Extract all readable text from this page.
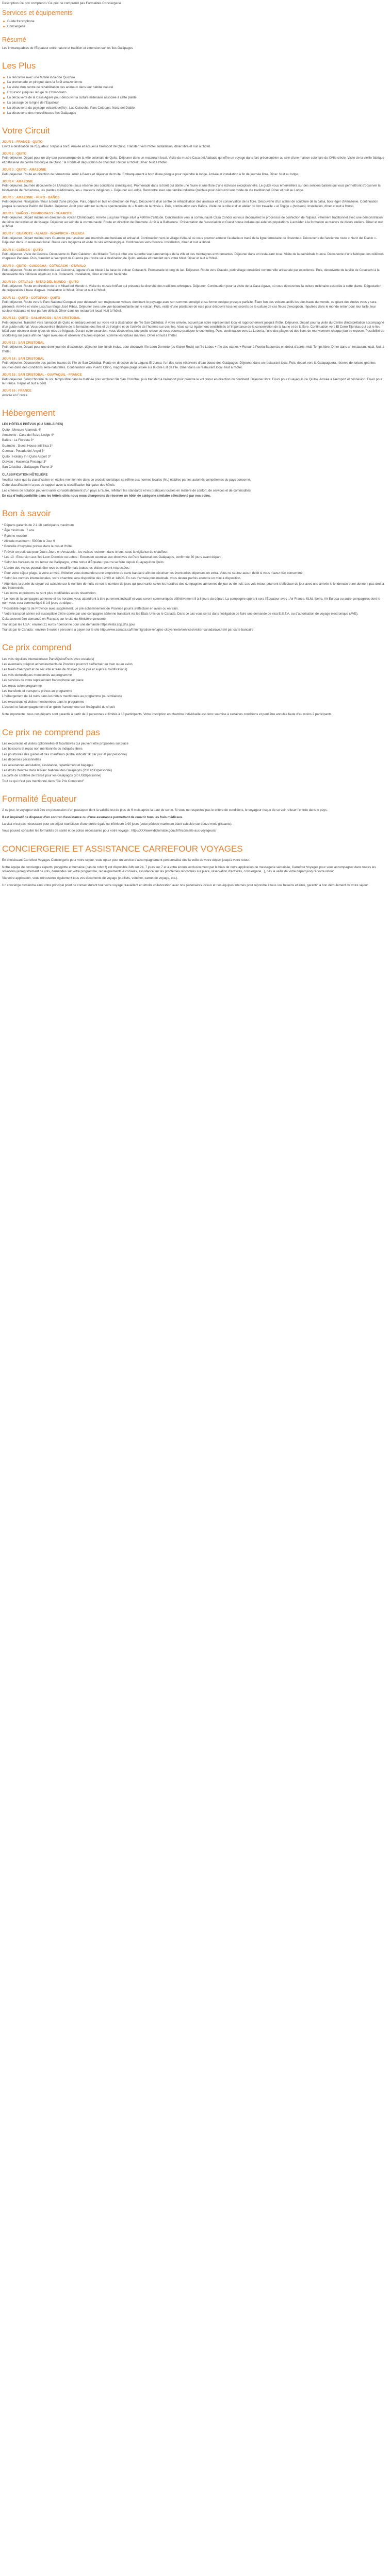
Description Ce prix comprend / Ce prix ne comprend pas Formalités Conciergerie
Services et équipements
Guide francophone
Conciergerie
Résumé

Les immanquables de l'Équateur entre nature et tradition et extension sur les îles Galápagos

Les Plus
La rencontre avec une famille indienne Quichua
La promenade en pirogue dans la forêt amazonienne
La visite d'un centre de réhabilitation des animaux dans leur habitat naturel
Excursion jusqu'au refuge du Chimborazo
La découverte de la Casa Agave pour découvrir la culture millénaire associée à cette plante
La passage de la ligne de l'Équateur
La découverte du paysage volcanique(île) : Lac Cuicocha, Parc Cotopaxi, Nariz del Diablo
La découverte des merveilleuses îles Galápagos
Votre Circuit

JOUR 1 : FRANCE - QUITO

Envol à destination de l'Équateur. Repas à bord. Arrivée et accueil à l'aéroport de Quito. Transfert vers l'hôtel. Installation, dîner libre et nuit à l'hôtel.

JOUR 2 : QUITO

Petit-déjeuner. Départ pour un city-tour panoramique de la ville coloniale de Quito. Déjeuner dans un restaurant local. Visite du musée Casa del Alabado qui offre un voyage dans l'art précolombien au sein d'une maison coloniale du XVIIe siècle. Visite de la vieille fabrique et pâtisserie du centre historique de Quito : la Ronda et dégustation de chocolat. Retour à l'hôtel. Dîner. Nuit à l'hôtel.

JOUR 3 : QUITO - AMAZONIE

Petit-déjeuner. Route en direction de l'Amazonie. Arrêt à Baeza et déjeuner de truite. Embarquement à bord d'une pirogue pour rejoindre le lodge. Arrivée et installation à fin de journée libre. Dîner. Nuit au lodge.

JOUR 4 : AMAZONIE

Petit-déjeuner. Journée découverte de l'Amazonie (sous réserve des conditions climatiques). Promenade dans la forêt qui abrite une faune et une flore d'une richesse exceptionnelle. Le guide vous émerveillera sur des sentiers balisés qui vous permettront d'observer la biodiversité de l'Amazonie, les plantes médicinales, les « maisons indigènes ». Déjeuner au Lodge. Rencontre avec une famille indienne Quichua pour découvrir leur mode de vie traditionnel. Dîner et nuit au Lodge.

JOUR 5 : AMAZONIE - PUYO - BAÑOS

Petit-déjeuner. Navigation retour à bord d'une pirogue. Puis, départ en bus en direction de Puyo. Découverte d'un centre de réhabilitation des animaux et de conservation de la flore. Découverte d'un atelier de sculpture de la balsa, bois léger d'Amazonie. Continuation jusqu'à la cascade Pailón del Diablo. Déjeuner. Arrêt pour admirer la chute spectaculaire du « Manto de la Novia ». Puis, continuation vers Baños. Visite de la ville et d'un atelier où l'on travaille « el Toglge » (boisson). Installation, dîner et nuit à l'hôtel.

JOUR 6 : BAÑOS - CHIMBORAZO - GUAMOTE

Petit-déjeuner. Départ matinal en direction du volcan Chimborazo. Arrivée jusqu'au refuge situé à 4800m d'altitude. Continuation vers la communauté Casa Condor où vous découvrirez le processus de confection de l'alpaca, vêtement traditionnel avec une démonstration de teinte de textiles et de tissage. Déjeuner au sein de la communauté. Route en direction de Guamote. Arrêt à la Balbanera : Présentation de l'association et Guest house indiana qui aide les populations à accéder à la formation au travers de divers ateliers. Dîner et nuit à l'hôtel.

JOUR 7 : GUAMOTE - ALAUSI - INGAPIRCA - CUENCA

Petit-déjeuner. Départ matinal vers Guamote pour assister aux marchés aux bestiaux et artisanal. Continuation vers le village d'Alausí où vous pourrez admirer l'audacieux tracé de la ligne ferroviaire de l'inventeur. Découverte de l'ancienne route « Nariz del Diablo ». Déjeuner dans un restaurant local. Route vers Ingapirca et visite du site archéologique. Continuation vers Cuenca. Installation, dîner et nuit à l'hôtel.

JOUR 8 : CUENCA - QUITO

Petit-déjeuner. Visite de Cuenca. Découverte du Parc Calderon, du Mirador Turi qui offre une superbe vue panoramique de la ville et des montagnes environnantes. Déjeuner dans un restaurant local. Visite de la cathédrale Nueva. Découverte d'une fabrique des célèbres chapeaux Panama. Puis, transfert à l'aéroport de Cuenca pour votre vol à destination de Quito. Arrivée et transfert vers votre hôtel. Dîner et nuit à l'hôtel.

JOUR 9 : QUITO - CUICOCHA - COTACACHI - OTAVALO

Petit-déjeuner. Route en direction du Lac Cuicocha, lagune d'eau bleue à la base du volcan Cotacachi. Promenade le long du lac. Déjeuner. Route vers Otavalo, petit village considéré comme ville artisanale par excellence. Puis, découverte de la ville de Cotacachi à la découverte des délicieux objets en cuir. Cotacachi. Installation, dîner et nuit en hacienda.

JOUR 10 : OTAVALO - MITAD DEL MUNDO - QUITO

Petit-déjeuner. Route en direction de la « Mitad del Mundo ». Visite du musée Intiñan qui présente la diversité des traditions ethniques. Déjeuner. Continuation pour la visite de la Casa Agave, où vous découvrirez la culture millénaire associée à cette plante. Dégustation de préparation à base d'agave. Installation à l'hôtel. Dîner et nuit à l'hôtel.

JOUR 11 : QUITO - COTOPAXI - QUITO

Petit-déjeuner. Route vers le Parc National Cotopaxi pour découvrir son majestueux volcan, dominant le paysage avec son sommet enneigé et sa forme conique presque parfaite. Étant l'un des volcans actifs les plus hauts du monde, ce géant des Andes vous y sera présenté. Arrivée et visite jusqu'au refuge José Ribas. Déjeuner avec une vue époustouflante sur le volcan. Puis, visite d'une plantation de rose pour découvrir tous les secrets de la culture de ces fleurs d'exception, réputées dans le monde entier pour leur taille, leur couleur éclatante et leur parfum délicat. Dîner dans un restaurant local. Nuit à l'hôtel.

JOUR 12 : QUITO - GALAPAGOS / SAN CRISTOBAL

Petit-déjeuner. Transfert vers l'aéroport de Quito et embarquement sur votre vol à destination de l'île San Cristóbal. À votre arrivée, accueil par notre représentant local et rapprochement jusqu'à l'hôtel. Déjeuner. Départ pour la visite du Centre d'interprétation accompagné d'un guide national. Vous découvrirez l'histoire de la formation des îles et de l'origine et de l'arrivée de l'homme sur ces îles. Vous serez également sensibilisés à l'importance de la conservation de la faune et de la flore. Continuation vers El Cerro Tijeretas qui est le lieu idéal pour observer deux types de nids de frégates. Durant cette excursion, vous découvrirez une petite crique où vous pourrez pratiquer le snorkeling. Puis, continuation vers La Lobería, l'une des plages où des lions de mer viennent chaque jour se reposer. Possibilité de snorkeling sur place afin de nager avec eux et observer d'autres espèces, comme les tortues marines. Dîner et nuit à l'hôtel.

JOUR 13 : SAN CRISTOBAL

Petit-déjeuner. Départ pour une demi-journée d'excursion, déjeuner box-lunch inclus, pour découvrir l'île Leon Dormido (ou Kicker Rock) ou l'île Lobos + l'île des otaries + Retour à Puerto Baquerizo en début d'après-midi. Temps libre. Dîner dans un restaurant local. Nuit à l'hôtel.

JOUR 14 : SAN CRISTOBAL

Petit-déjeuner. Découverte des parties hautes de l'île de San Cristóbal. Route en direction de la Laguna El Junco, l'un des rares réservoirs d'eau douce des Galápagos. Déjeuner dans un restaurant local. Puis, départ vers la Galapaguera, réserve de tortues géantes nourries dans des conditions semi-naturelles. Continuation vers Puerto Chino, magnifique plage située sur la côte Est de l'île. Dîner dans un restaurant local. Nuit à l'hôtel.

JOUR 15 : SAN CRISTOBAL - GUAYAQUIL - FRANCE

Petit-déjeuner. Selon l'horaire du vol, temps libre dans la matinée pour explorer l'île San Cristóbal, puis transfert à l'aéroport pour prendre le vol retour en direction du continent. Déjeuner libre. Envol pour Guayaquil (ou Quito). Arrivée à l'aéroport et connexion. Envol pour la France. Repas et nuit à bord.

JOUR 16 : FRANCE

Arrivée en France.

Hébergement

LES HÔTELS PRÉVUS (OU SIMILAIRES)

Quito : Mercure Alameda 4*

Amazonie : Casa del Suizo Lodge 4*

Baños : La Floresta 3*

Guamote : Guest House Inti Sisa 3*

Cuenca : Posada del Ángel 3*

Quito : Holiday Inn Quito Airport 3*

Otavalo : Hacienda Pinsaquí 3*

San Cristóbal : Galápagos Planet 3*

CLASSIFICATION HÔTELIÈRE

Veuillez noter que la classification en étoiles mentionnée dans ce produit touristique se réfère aux normes locales (NL) établies par les autorités compétentes du pays concerné.

Cette classification n'a pas de rapport avec la classification française des hôtels.

Les critères de notation peuvent varier considérablement d'un pays à l'autre, reflétant les standards et les pratiques locales en matière de confort, de services et de commodités.

En cas d'indisponibilité dans les hôtels cités nous nous chargerons de réserver un hôtel de catégorie similaire sélectionné par nos soins.

Bon à savoir

* Départs garantis de 2 à 18 participants maximum

* Âge minimum : 7 ans

* Rythme modéré

* Altitude maximum : 5000m le Jour 9

* Bouteille d'oxygène prévue dans le bus et l'hôtel.

* Prévoir un petit sac pour Jours Jours en Amazonie : les valises resteront dans le bus, sous la vigilance du chauffeur.

* Les 13 : Excursion aux îles Leon Dormido ou Lobos : Excursion soumise aux directives du Parc National des Galápagos, confirmée 30 jours avant départ.

* Selon les horaires de vol retour de Galápagos, votre retour d'Équateur pourra se faire depuis Guayaquil ou Quito.

* L'ordre des visites pourrait être revu ou modifié mais toutes les visites seront respectées.

* Pour votre séjour plage, à votre arrivée, l'hôtelier vous demandera une empreinte de carte bancaire afin de sécuriser les éventuelles dépenses en extra. Vous ne saurez aucun débit si vous n'avez rien consommé.

* Selon les normes internationales, votre chambre sera disponible dès 12h00 et 14h00. En cas d'arrivée plus matinale, vous devrez parfois attendre un mini à disposition.

* Attention, la durée du séjour est calculée sur le nombre de nuits et non le nombre de jours qui peut varier selon les horaires des compagnies aériennes de jour ou de nuit. Les vols retour pourront s'effectuer de jour avec une arrivée le lendemain et ne donnent pas droit à des indemnités.

* Les noms et prénoms ne sont plus modifiables après réservation.

* Le nom de la compagnie aérienne et les horaires vous attendront à titre purement indicatif et vous seront communiqués définitivement 8 à 8 jours du départ. La compagnie opérant sera l'Équateur avec : Air France, KLM, Iberia, Air Europa ou autre compagnies dont le nom vous sera communiqué 8 à 8 jours du départ.

* Possibilité départs de Province avec supplément. Le pré acheminement de Province pourra s'effectuer en avion ou en train.

* Votre transport aérien est susceptible d'être opéré par une compagnie aérienne transitant via les États Unis ou le Canada. Dans ce cas vous serez dans l'obligation de faire une demande de visa E.S.T.A. ou d'autorisation de voyage électronique (AVE).

Cela souvent être demandé en Français sur le site du Ministère concerné :

Transit par les USA : environ 21 euros / personne pour une demande https://esta.cbp.dhs.gov/

Transit par le Canada : environ 5 euros / personne à payer sur le site http://www.canada.ca/fr/immigration-refugies-citoyennete/services/visiter-canada/ave.html par carte bancaire.

Ce prix comprend

Les vols réguliers internationaux Paris/Quito/Paris avec escale(s)

Les éventuels pré/post acheminements de Province pourront s'effectuer en train ou en avion

Les taxes d'aéroport et de sécurité et frais de dossier (à ce jour et sujets à modifications)

Les vols domestiques mentionnés au programme

Les services de votre représentant francophone sur place

Les repas selon programme

Les transferts et transports prévus au programme

L'hébergement de 14 nuits dans les hôtels mentionnés au programme (ou similaires)

Les excursions et visites mentionnées dans le programme

L'accueil et l'accompagnement d'un guide francophone sur l'intégralité du circuit

Note importante : tous nos départs sont garantis à partir de 2 personnes et limités à 18 participants. Votre inscription en chambre individuelle est donc soumise à certaines conditions et peut être annulée faute d'au moins 2 participants.

Ce prix ne comprend pas

Les excursions et visites optionnelles et facultatives qui peuvent être proposées sur place

Les boissons et repas non mentionnés ou indiqués libres

Les pourboires des guides et des chauffeurs (à titre indicatif 3€ par jour et par personne)

Les dépenses personnelles

Les assurances annulation, assistance, rapatriement et bagages

Les droits d'entrée dans le Parc National des Galápagos (200 USD/personne)

La carte de contrôle de transit pour les Galápagos (20 USD/personne)

Tout ce qui n'est pas mentionné dans "Ce Prix Comprend"

Formalité Équateur

À ce jour, le voyageur doit être en possession d'un passeport dont la validité est de plus de 6 mois après la date de sortie. Si vous ne respectez pas le critère de conditions, le voyageur risque de se voir refuser l'entrée dans le pays.

Il est impératif de disposer d'un contrat d'assistance ou d'une assurance permettant de couvrir tous les frais médicaux.

La visa n'est pas nécessaire pour un séjour touristique d'une durée égale ou inférieure à 90 jours (cette période maximum étant calculée sur douze mois glissants).

Vous pouvez consulter les formalités de santé et de police nécessaires pour votre voyage : http://XXXwww.diplomatie.gouv.fr/fr/conseils-aux-voyageurs/

CONCIERGERIE ET ASSISTANCE CARREFOUR VOYAGES

En choisissant Carrefour Voyages Conciergerie pour votre séjour, vous optez pour un service d'accompagnement personnalisé dès la veille de votre départ jusqu'à votre retour.

Notre équipe de concierges experts, polyglotte et humaine (pas de robot !) est disponible 24h sur 24, 7 jours sur 7 et à votre écoute exclusivement par le biais de notre application de messagerie sécurisée, Carrefour Voyages pour vous accompagner dans toutes les situations (enregistrement de vols, demandes sur votre programme, renseignements & conseils, assistance sur les problèmes rencontrés sur place, réservation d'activités, conciergerie...), dès la veille de votre départ jusqu'à votre retour.

Via votre application, vous retrouverez également tous vos documents de voyage (e-billets, voucher, carnet de voyage, etc.).

Un concierge deviendra ainsi votre principal point de contact durant tout votre voyage, travaillant en étroite collaboration avec nos partenaires locaux et nos équipes internes pour répondre à tous vos besoins et ainsi, garantir la bon déroulement de votre séjour.
